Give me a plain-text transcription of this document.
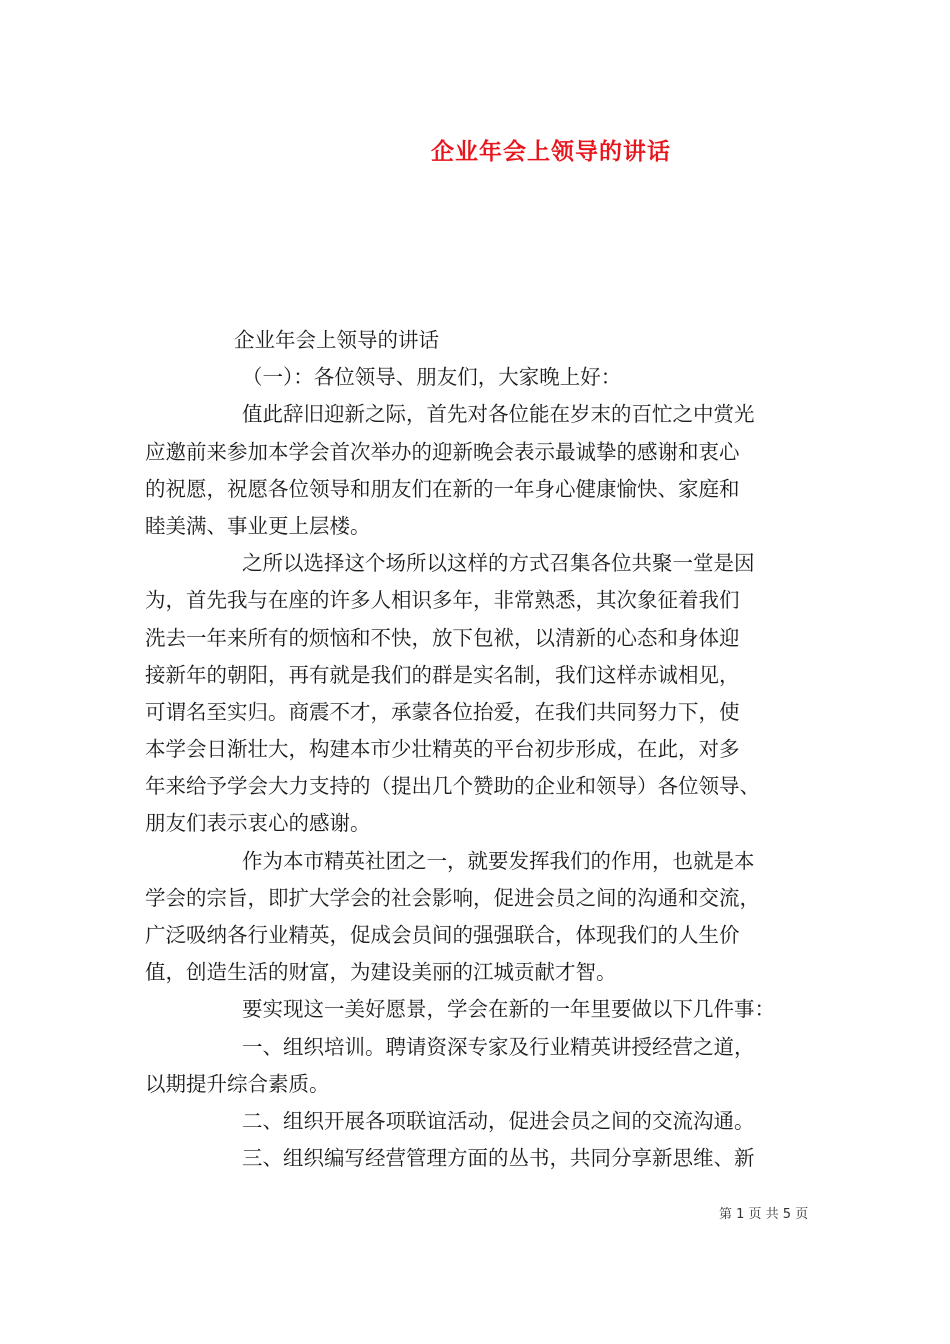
企业年会上领导的讲话
企业年会上领导的讲话
（一）：各位领导、朋友们，大家晚上好：
值此辞旧迎新之际，首先对各位能在岁末的百忙之中赏光
应邀前来参加本学会首次举办的迎新晚会表示最诚挚的感谢和衷心
的祝愿，祝愿各位领导和朋友们在新的一年身心健康愉快、家庭和
睦美满、事业更上层楼。
之所以选择这个场所以这样的方式召集各位共聚一堂是因
为，首先我与在座的许多人相识多年，非常熟悉，其次象征着我们
洗去一年来所有的烦恼和不快，放下包袱，以清新的心态和身体迎
接新年的朝阳，再有就是我们的群是实名制，我们这样赤诚相见，
可谓名至实归。商震不才，承蒙各位抬爱，在我们共同努力下，使
本学会日渐壮大，构建本市少壮精英的平台初步形成，在此，对多
年来给予学会大力支持的（提出几个赞助的企业和领导）各位领导、
朋友们表示衷心的感谢。
作为本市精英社团之一，就要发挥我们的作用，也就是本
学会的宗旨，即扩大学会的社会影响，促进会员之间的沟通和交流，
广泛吸纳各行业精英，促成会员间的强强联合，体现我们的人生价
值，创造生活的财富，为建设美丽的江城贡献才智。
要实现这一美好愿景，学会在新的一年里要做以下几件事：
一、组织培训。聘请资深专家及行业精英讲授经营之道，
以期提升综合素质。
二、组织开展各项联谊活动，促进会员之间的交流沟通。
三、组织编写经营管理方面的丛书，共同分享新思维、新
第 1 页 共 5 页
